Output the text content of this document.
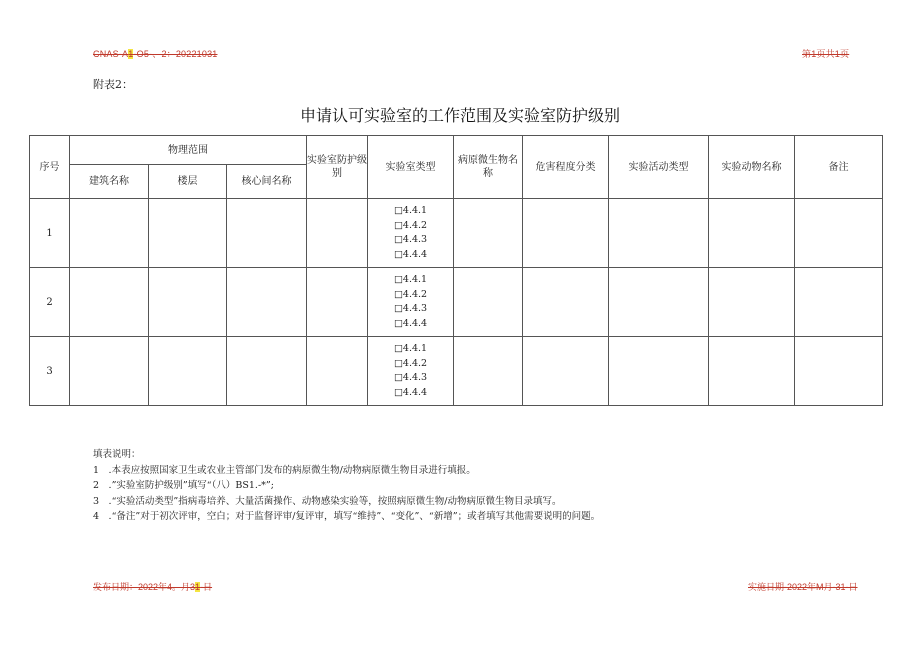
CNAS-A1-O5-、2：20221031	第1页共1页
附表2：
申请认可实验室的工作范围及实验室防护级别
序号	物理范围			实验室防护级别	实验室类型	病原微生物名称	危害程度分类	实验活动类型	实验动物名称	备注
	建筑名称	楼层	核心间名称							
1					□4.4.1
□4.4.2
□4.4.3
□4.4.4					

2					□4.4.1
□4.4.2
□4.4.3
□4.4.4					

3					□4.4.1
□4.4.2
□4.4.3
□4.4.4					

填表说明：
1　.本表应按照国家卫生或农业主管部门发布的病原微生物/动物病原微生物目录进行填报。
2　.”实验室防护级别”填写“（八）BS1.-*”;
3　.“实验活动类型”指病毒培养、大量活菌操作、动物感染实验等，按照病原微生物/动物病原微生物目录填写。
4　.“备注”对于初次评审，空白；对于监督评审/复评审，填写“维持”、“变化”、“新增”；或者填写其他需要说明的问题。
发布日期：2022年4。月31-日	实施日期-2022年M月-31-日
